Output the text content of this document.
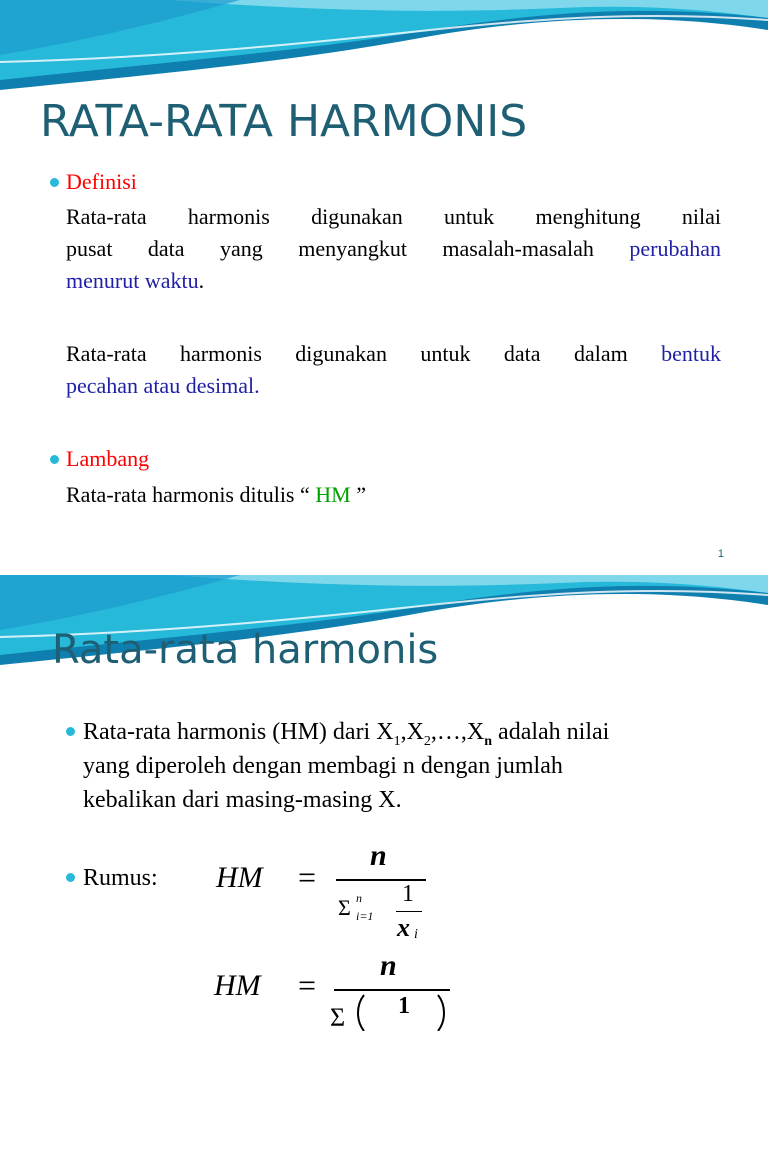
RATA-RATA HARMONIS
Definisi
Rata-rata harmonis digunakan untuk menghitung nilai
pusat data yang menyangkut masalah-masalah perubahan
menurut waktu.
Rata-rata harmonis digunakan untuk data dalam bentuk
pecahan atau desimal.
Lambang
Rata-rata harmonis ditulis “ HM ”
1
Rata-rata harmonis
Rata-rata harmonis (HM) dari $X_1,X_2,\dots,X_n$ adalah nilai
yang diperoleh dengan membagi n dengan jumlah
kebalikan dari masing-masing X.
Rumus:	HM =
n
Σ n
i=1
1
x i
HM =
n
Σ 1
